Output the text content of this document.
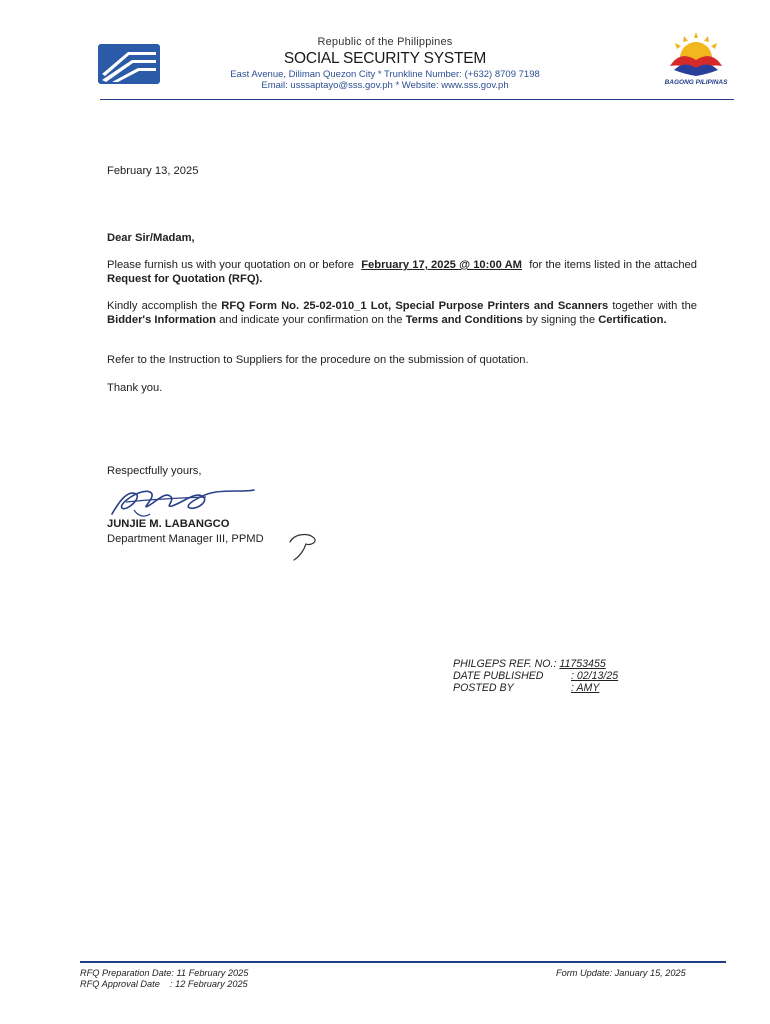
Republic of the Philippines
SOCIAL SECURITY SYSTEM
East Avenue, Diliman Quezon City * Trunkline Number: (+632) 8709 7198
Email: usssaptayo@sss.gov.ph * Website: www.sss.gov.ph	BAGONG PILIPINAS
February 13, 2025
Dear Sir/Madam,
Please furnish us with your quotation on or before February 17, 2025 @ 10:00 AM for the items listed in the attached Request for Quotation (RFQ).
Kindly accomplish the RFQ Form No. 25-02-010_1 Lot, Special Purpose Printers and Scanners together with the Bidder's Information and indicate your confirmation on the Terms and Conditions by signing the Certification.
Refer to the Instruction to Suppliers for the procedure on the submission of quotation.
Thank you.
Respectfully yours,
JUNJIE M. LABANGCO
Department Manager III, PPMD
PHILGEPS REF. NO.: 11753455
DATE PUBLISHED	: 02/13/25
POSTED BY	: AMY
RFQ Preparation Date: 11 February 2025
RFQ Approval Date    : 12 February 2025
Form Update: January 15, 2025
